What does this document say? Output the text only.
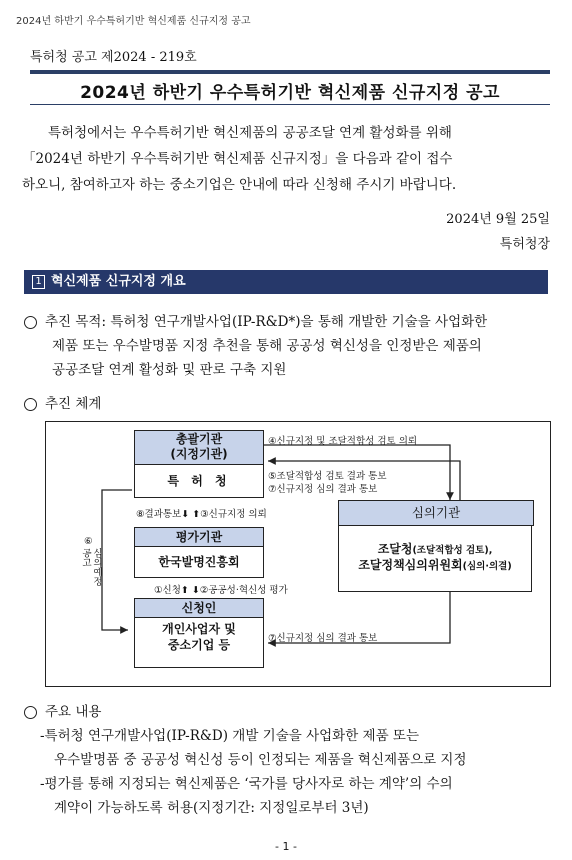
2024년 하반기 우수특허기반 혁신제품 신규지정 공고
특허청 공고 제2024 - 219호
2024년 하반기 우수특허기반 혁신제품 신규지정 공고
특허청에서는 우수특허기반 혁신제품의 공공조달 연계 활성화를 위해
「2024년 하반기 우수특허기반 혁신제품 신규지정」을 다음과 같이 접수
하오니, 참여하고자 하는 중소기업은 안내에 따라 신청해 주시기 바랍니다.
2024년 9월 25일
특허청장
1 혁신제품 신규지정 개요
추진 목적: 특허청 연구개발사업(IP-R&D*)을 통해 개발한 기술을 사업화한
제품 또는 우수발명품 지정 추천을 통해 공공성 혁신성을 인정받은 제품의
공공조달 연계 활성화 및 판로 구축 지원
추진 체계
총괄기관
(지정기관)
특 허 청
평가기관
한국발명진흥회
신청인
개인사업자 및
중소기업 등
심의기관
조달청(조달적합성 검토),
조달정책심의위원회(심의·의결)
④신규지정 및 조달적합성 검토 의뢰
⑤조달적합성 검토 결과 통보
⑦신규지정 심의 결과 통보
⑧결과통보⬇ ⬆③신규지정 의뢰
①신청⬆ ⬇②공공성·혁신성 평가
⑦신규지정 심의 결과 통보
⑥
심의예정공고
주요 내용
-특허청 연구개발사업(IP-R&D) 개발 기술을 사업화한 제품 또는
우수발명품 중 공공성 혁신성 등이 인정되는 제품을 혁신제품으로 지정
-평가를 통해 지정되는 혁신제품은 ‘국가를 당사자로 하는 계약’의 수의
계약이 가능하도록 허용(지정기간: 지정일로부터 3년)
- 1 -
